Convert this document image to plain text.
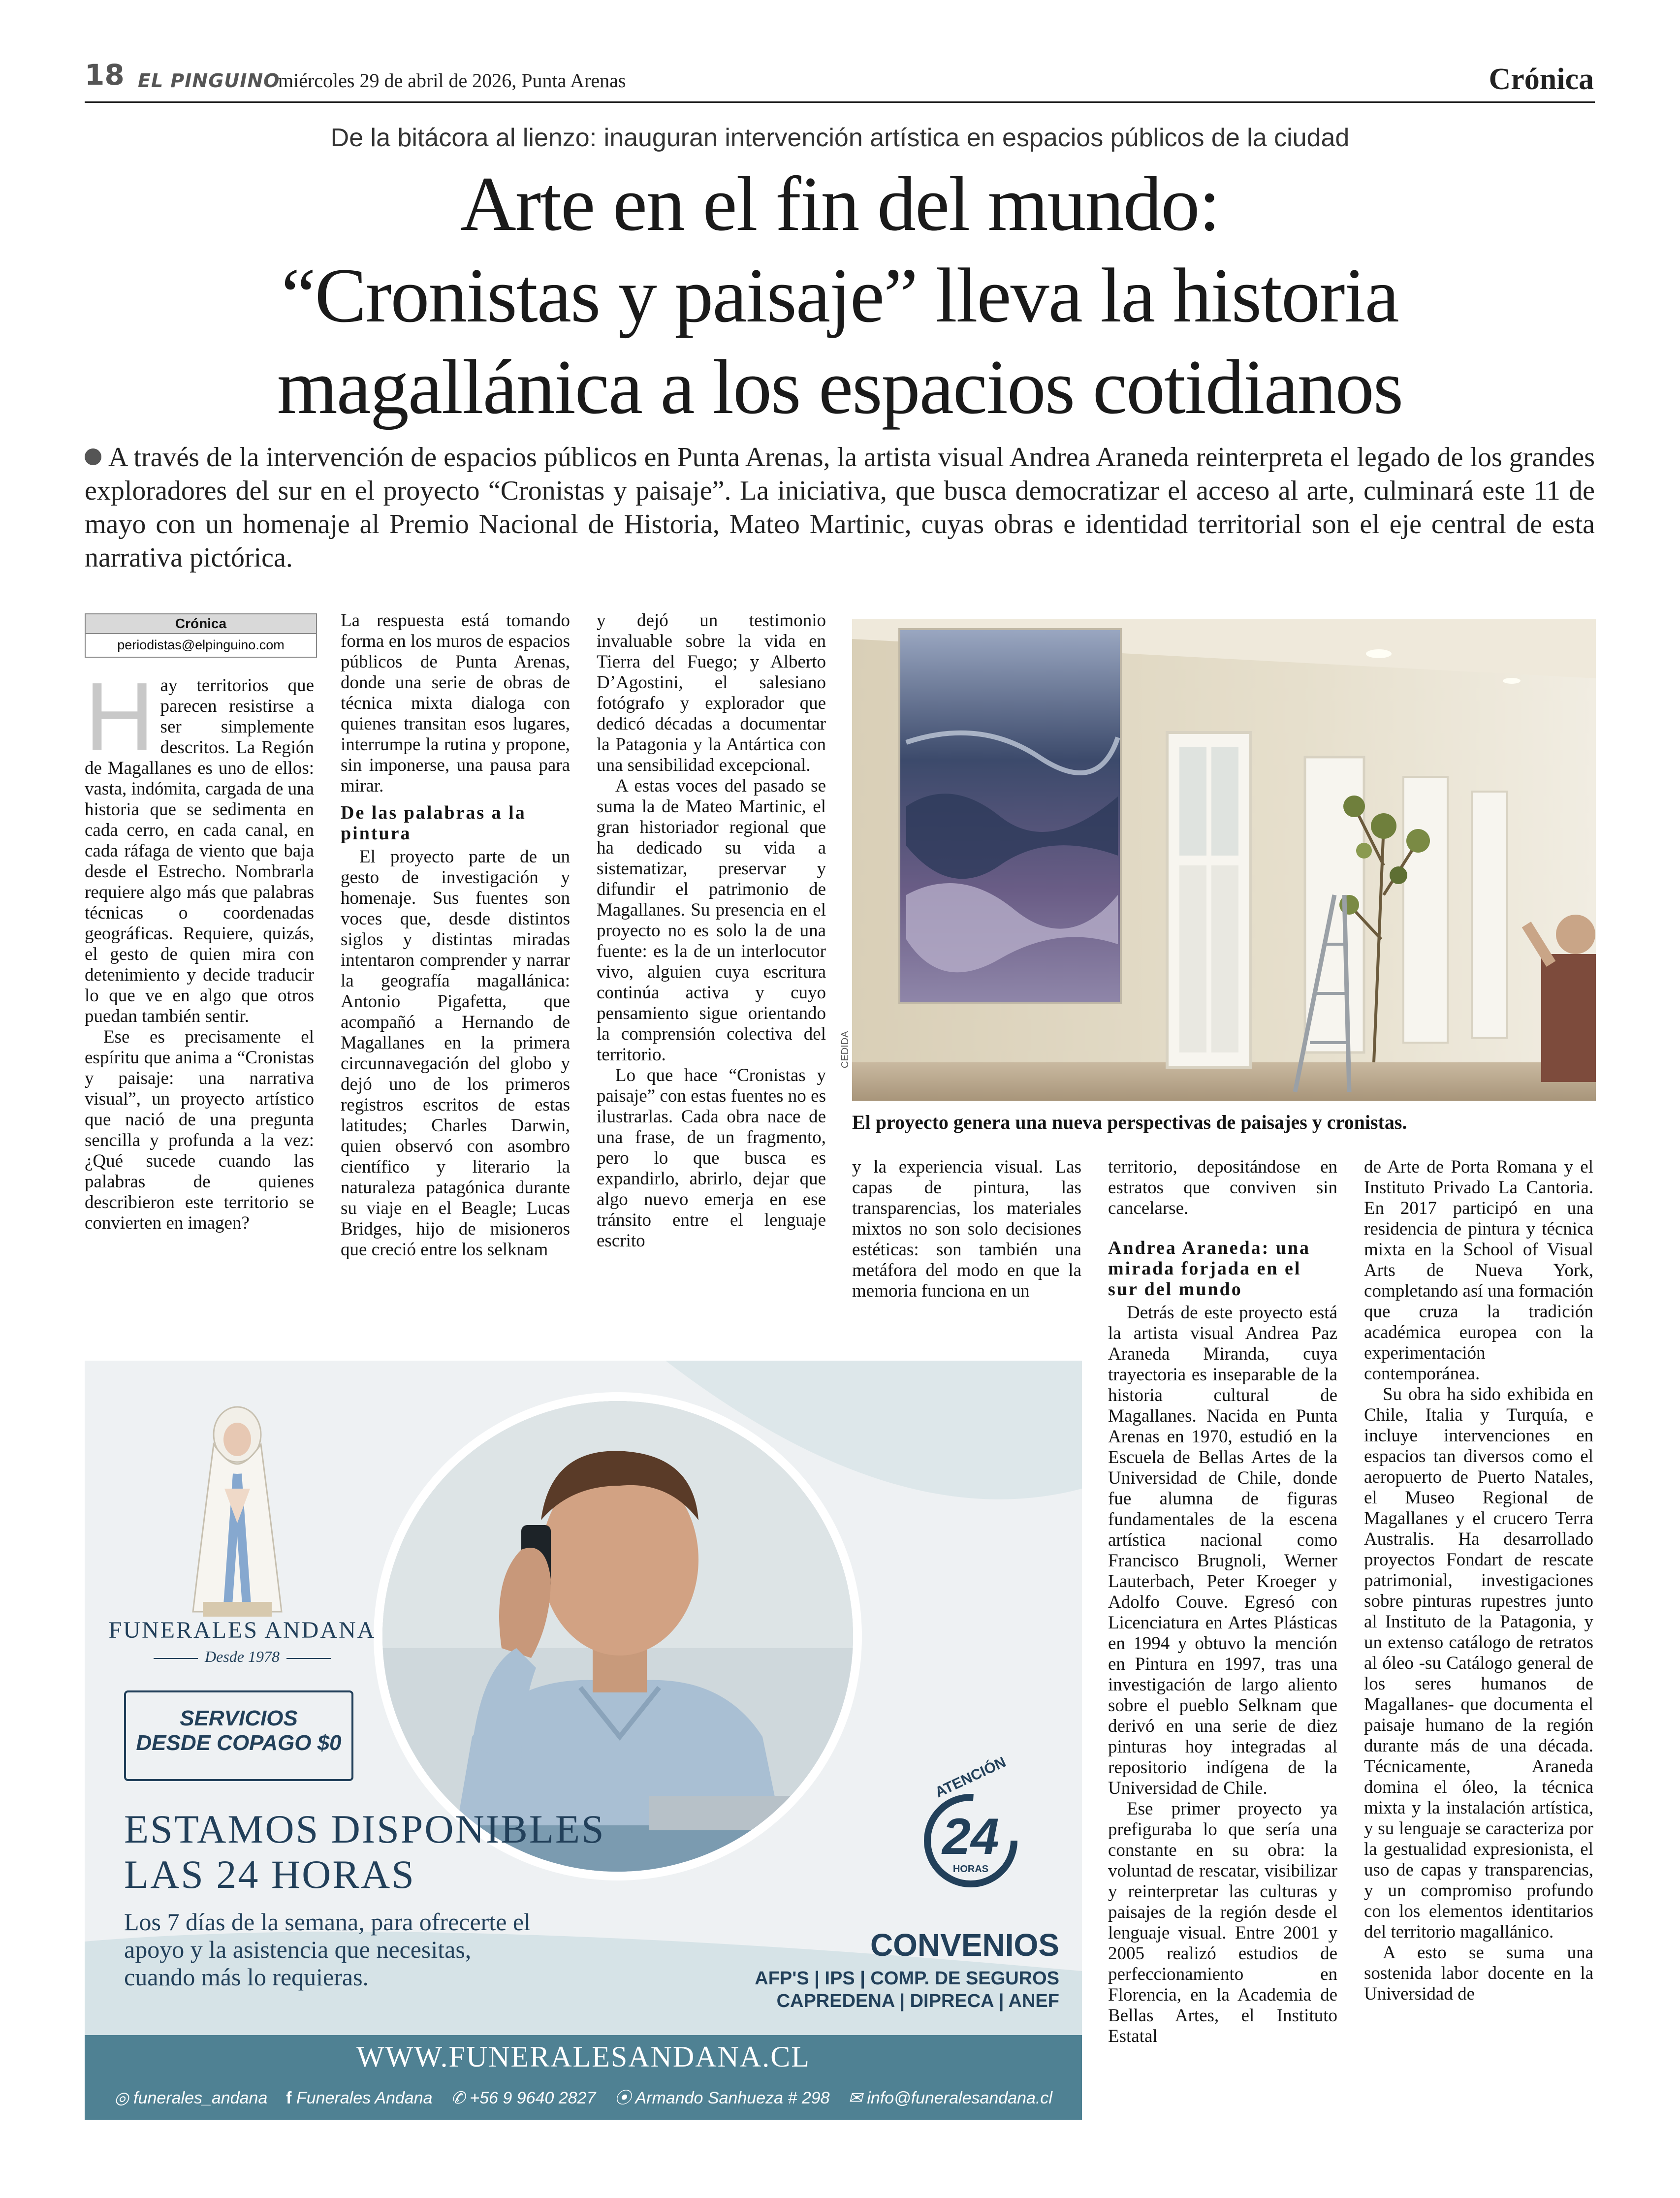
18 EL PINGUINO
miércoles 29 de abril de 2026, Punta Arenas	Crónica
De la bitácora al lienzo: inauguran intervención artística en espacios públicos de la ciudad
Arte en el fin del mundo:
“Cronistas y paisaje” lleva la historia
magallánica a los espacios cotidianos
A través de la intervención de espacios públicos en Punta Arenas, la artista visual Andrea Araneda reinterpreta el legado de los grandes exploradores del sur en el proyecto “Cronistas y paisaje”. La iniciativa, que busca democratizar el acceso al arte, culminará este 11 de mayo con un homenaje al Premio Nacional de Historia, Mateo Martinic, cuyas obras e identidad territorial son el eje central de esta narrativa pictórica.
Crónica
periodistas@elpinguino.com
H ay territorios que parecen resistirse a ser simplemente descritos. La Región de Magallanes es uno de ellos: vasta, indómita, cargada de una historia que se sedimenta en cada cerro, en cada canal, en cada ráfaga de viento que baja desde el Estrecho. Nombrarla requiere algo más que palabras técnicas o coordenadas geográficas. Requiere, quizás, el gesto de quien mira con detenimiento y decide traducir lo que ve en algo que otros puedan también sentir.

Ese es precisamente el espíritu que anima a “Cronistas y paisaje: una narrativa visual”, un proyecto artístico que nació de una pregunta sencilla y profunda a la vez: ¿Qué sucede cuando las palabras de quienes describieron este territorio se convierten en imagen?

La respuesta está tomando forma en los muros de espacios públicos de Punta Arenas, donde una serie de obras de técnica mixta dialoga con quienes transitan esos lugares, interrumpe la rutina y propone, sin imponerse, una pausa para mirar.

De las palabras a la pintura

El proyecto parte de un gesto de investigación y homenaje. Sus fuentes son voces que, desde distintos siglos y distintas miradas intentaron comprender y narrar la geografía magallánica: Antonio Pigafetta, que acompañó a Hernando de Magallanes en la primera circunnavegación del globo y dejó uno de los primeros registros escritos de estas latitudes; Charles Darwin, quien observó con asombro científico y literario la naturaleza patagónica durante su viaje en el Beagle; Lucas Bridges, hijo de misioneros que creció entre los selknam

y dejó un testimonio invaluable sobre la vida en Tierra del Fuego; y Alberto D’Agostini, el salesiano fotógrafo y explorador que dedicó décadas a documentar la Patagonia y la Antártica con una sensibilidad excepcional.

A estas voces del pasado se suma la de Mateo Martinic, el gran historiador regional que ha dedicado su vida a sistematizar, preservar y difundir el patrimonio de Magallanes. Su presencia en el proyecto no es solo la de una fuente: es la de un interlocutor vivo, alguien cuya escritura continúa activa y cuyo pensamiento sigue orientando la comprensión colectiva del territorio.

Lo que hace “Cronistas y paisaje” con estas fuentes no es ilustrarlas. Cada obra nace de una frase, de un fragmento, pero lo que busca es expandirlo, abrirlo, dejar que algo nuevo emerja en ese tránsito entre el lenguaje escrito

CEDIDA
El proyecto genera una nueva perspectivas de paisajes y cronistas.

y la experiencia visual. Las capas de pintura, las transparencias, los materiales mixtos no son solo decisiones estéticas: son también una metáfora del modo en que la memoria funciona en un

territorio, depositándose en estratos que conviven sin cancelarse.

Andrea Araneda: una mirada forjada en el sur del mundo

Detrás de este proyecto está la artista visual Andrea Paz Araneda Miranda, cuya trayectoria es inseparable de la historia cultural de Magallanes. Nacida en Punta Arenas en 1970, estudió en la Escuela de Bellas Artes de la Universidad de Chile, donde fue alumna de figuras fundamentales de la escena artística nacional como Francisco Brugnoli, Werner Lauterbach, Peter Kroeger y Adolfo Couve. Egresó con Licenciatura en Artes Plásticas en 1994 y obtuvo la mención en Pintura en 1997, tras una investigación de largo aliento sobre el pueblo Selknam que derivó en una serie de diez pinturas hoy integradas al repositorio indígena de la Universidad de Chile.

Ese primer proyecto ya prefiguraba lo que sería una constante en su obra: la voluntad de rescatar, visibilizar y reinterpretar las culturas y paisajes de la región desde el lenguaje visual. Entre 2001 y 2005 realizó estudios de perfeccionamiento en Florencia, en la Academia de Bellas Artes, el Instituto Estatal

de Arte de Porta Romana y el Instituto Privado La Cantoria. En 2017 participó en una residencia de pintura y técnica mixta en la School of Visual Arts de Nueva York, completando así una formación que cruza la tradición académica europea con la experimentación contemporánea.

Su obra ha sido exhibida en Chile, Italia y Turquía, e incluye intervenciones en espacios tan diversos como el aeropuerto de Puerto Natales, el Museo Regional de Magallanes y el crucero Terra Australis. Ha desarrollado proyectos Fondart de rescate patrimonial, investigaciones sobre pinturas rupestres junto al Instituto de la Patagonia, y un extenso catálogo de retratos al óleo -su Catálogo general de los seres humanos de Magallanes- que documenta el paisaje humano de la región durante más de una década. Técnicamente, Araneda domina el óleo, la técnica mixta y la instalación artística, y su lenguaje se caracteriza por la gestualidad expresionista, el uso de capas y transparencias, y un compromiso profundo con los elementos identitarios del territorio magallánico.

A esto se suma una sostenida labor docente en la Universidad de

FUNERALES ANDANA
Desde 1978
SERVICIOS
DESDE COPAGO $0
ESTAMOS DISPONIBLES
LAS 24 HORAS
Los 7 días de la semana, para ofrecerte el
apoyo y la asistencia que necesitas,
cuando más lo requieras.
ATENCIÓN
24
HORAS
CONVENIOS
AFP'S | IPS | COMP. DE SEGUROS
CAPREDENA | DIPRECA | ANEF
WWW.FUNERALESANDANA.CL
◎ funerales_andana f Funerales Andana ✆ +56 9 9640 2827 ⦿ Armando Sanhueza # 298 ✉ info@funeralesandana.cl
